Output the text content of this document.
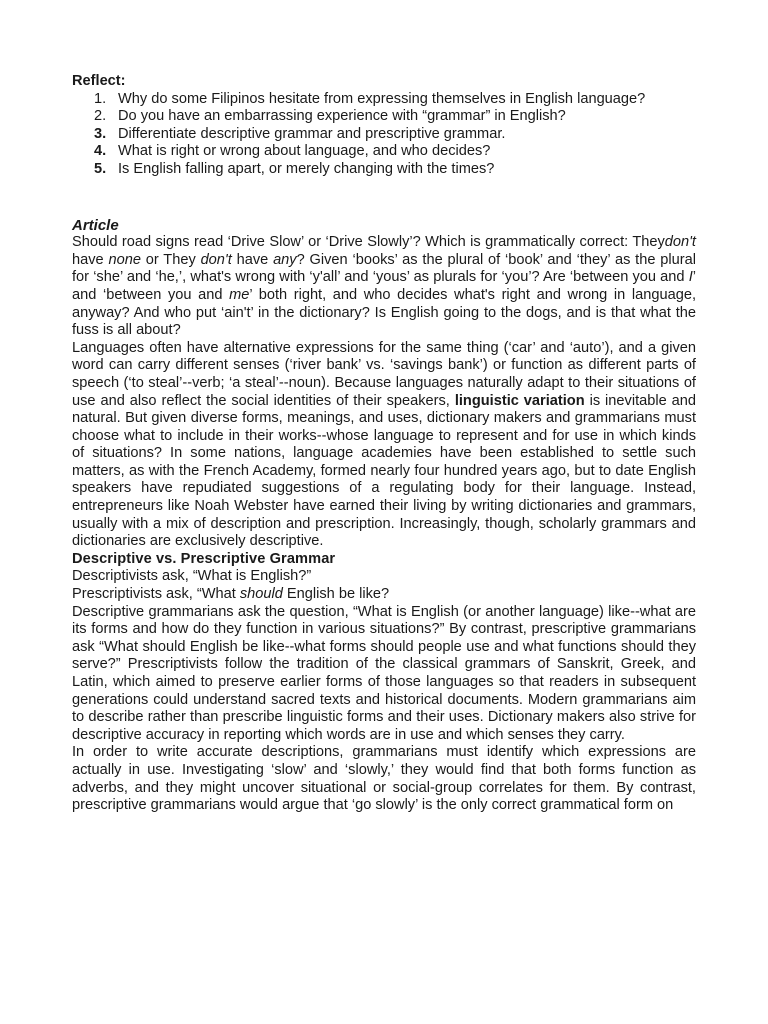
Reflect:

1. Why do some Filipinos hesitate from expressing themselves in English language?
2. Do you have an embarrassing experience with “grammar” in English?
3. Differentiate descriptive grammar and prescriptive grammar.
4. What is right or wrong about language, and who decides?
5. Is English falling apart, or merely changing with the times?

Article

Should road signs read ‘Drive Slow’ or ‘Drive Slowly’? Which is grammatically correct: Theydon't have none or They don't have any? Given ‘books’ as the plural of ‘book’ and ‘they’ as the plural for ‘she’ and ‘he,’, what's wrong with ‘y'all’ and ‘yous’ as plurals for ‘you’? Are ‘between you and I’ and ‘between you and me’ both right, and who decides what's right and wrong in language, anyway? And who put ‘ain't’ in the dictionary? Is English going to the dogs, and is that what the fuss is all about?

Languages often have alternative expressions for the same thing (‘car’ and ‘auto’), and a given word can carry different senses (‘river bank’ vs. ‘savings bank’) or function as different parts of speech (‘to steal’--verb; ‘a steal’--noun). Because languages naturally adapt to their situations of use and also reflect the social identities of their speakers, linguistic variation is inevitable and natural. But given diverse forms, meanings, and uses, dictionary makers and grammarians must choose what to include in their works--whose language to represent and for use in which kinds of situations? In some nations, language academies have been established to settle such matters, as with the French Academy, formed nearly four hundred years ago, but to date English speakers have repudiated suggestions of a regulating body for their language. Instead, entrepreneurs like Noah Webster have earned their living by writing dictionaries and grammars, usually with a mix of description and prescription. Increasingly, though, scholarly grammars and dictionaries are exclusively descriptive.

Descriptive vs. Prescriptive Grammar

Descriptivists ask, “What is English?”

Prescriptivists ask, “What should English be like?

Descriptive grammarians ask the question, “What is English (or another language) like--what are its forms and how do they function in various situations?” By contrast, prescriptive grammarians ask “What should English be like--what forms should people use and what functions should they serve?” Prescriptivists follow the tradition of the classical grammars of Sanskrit, Greek, and Latin, which aimed to preserve earlier forms of those languages so that readers in subsequent generations could understand sacred texts and historical documents. Modern grammarians aim to describe rather than prescribe linguistic forms and their uses. Dictionary makers also strive for descriptive accuracy in reporting which words are in use and which senses they carry.

In order to write accurate descriptions, grammarians must identify which expressions are actually in use. Investigating ‘slow’ and ‘slowly,’ they would find that both forms function as adverbs, and they might uncover situational or social-group correlates for them. By contrast, prescriptive grammarians would argue that ‘go slowly’ is the only correct grammatical form on
